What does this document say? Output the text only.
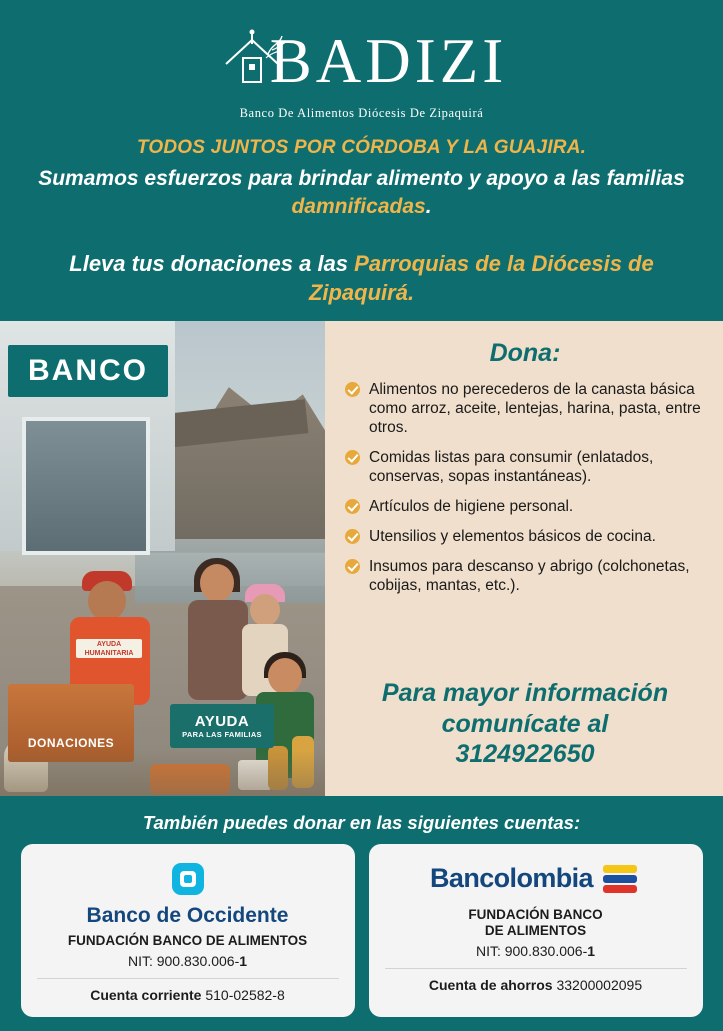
BADIZI
Banco De Alimentos Diócesis De Zipaquirá
TODOS JUNTOS POR CÓRDOBA Y LA GUAJIRA.
Sumamos esfuerzos para brindar alimento y apoyo a las familias damnificadas.
Lleva tus donaciones a las Parroquias de la Diócesis de Zipaquirá.
BANCO
AYUDA HUMANITARIA
DONACIONES
AYUDA
PARA LAS FAMILIAS
Dona:
Alimentos no perecederos de la canasta básica como arroz, aceite, lentejas, harina, pasta, entre otros.
Comidas listas para consumir (enlatados, conservas, sopas instantáneas).
Artículos de higiene personal.
Utensilios y elementos básicos de cocina.
Insumos para descanso y abrigo (colchonetas, cobijas, mantas, etc.).
Para mayor información
comunícate al
3124922650
También puedes donar en las siguientes cuentas:
Banco de Occidente
FUNDACIÓN BANCO DE ALIMENTOS
NIT: 900.830.006-1
Cuenta corriente 510-02582-8
Bancolombia
FUNDACIÓN BANCO
DE ALIMENTOS
NIT: 900.830.006-1
Cuenta de ahorros 33200002095
